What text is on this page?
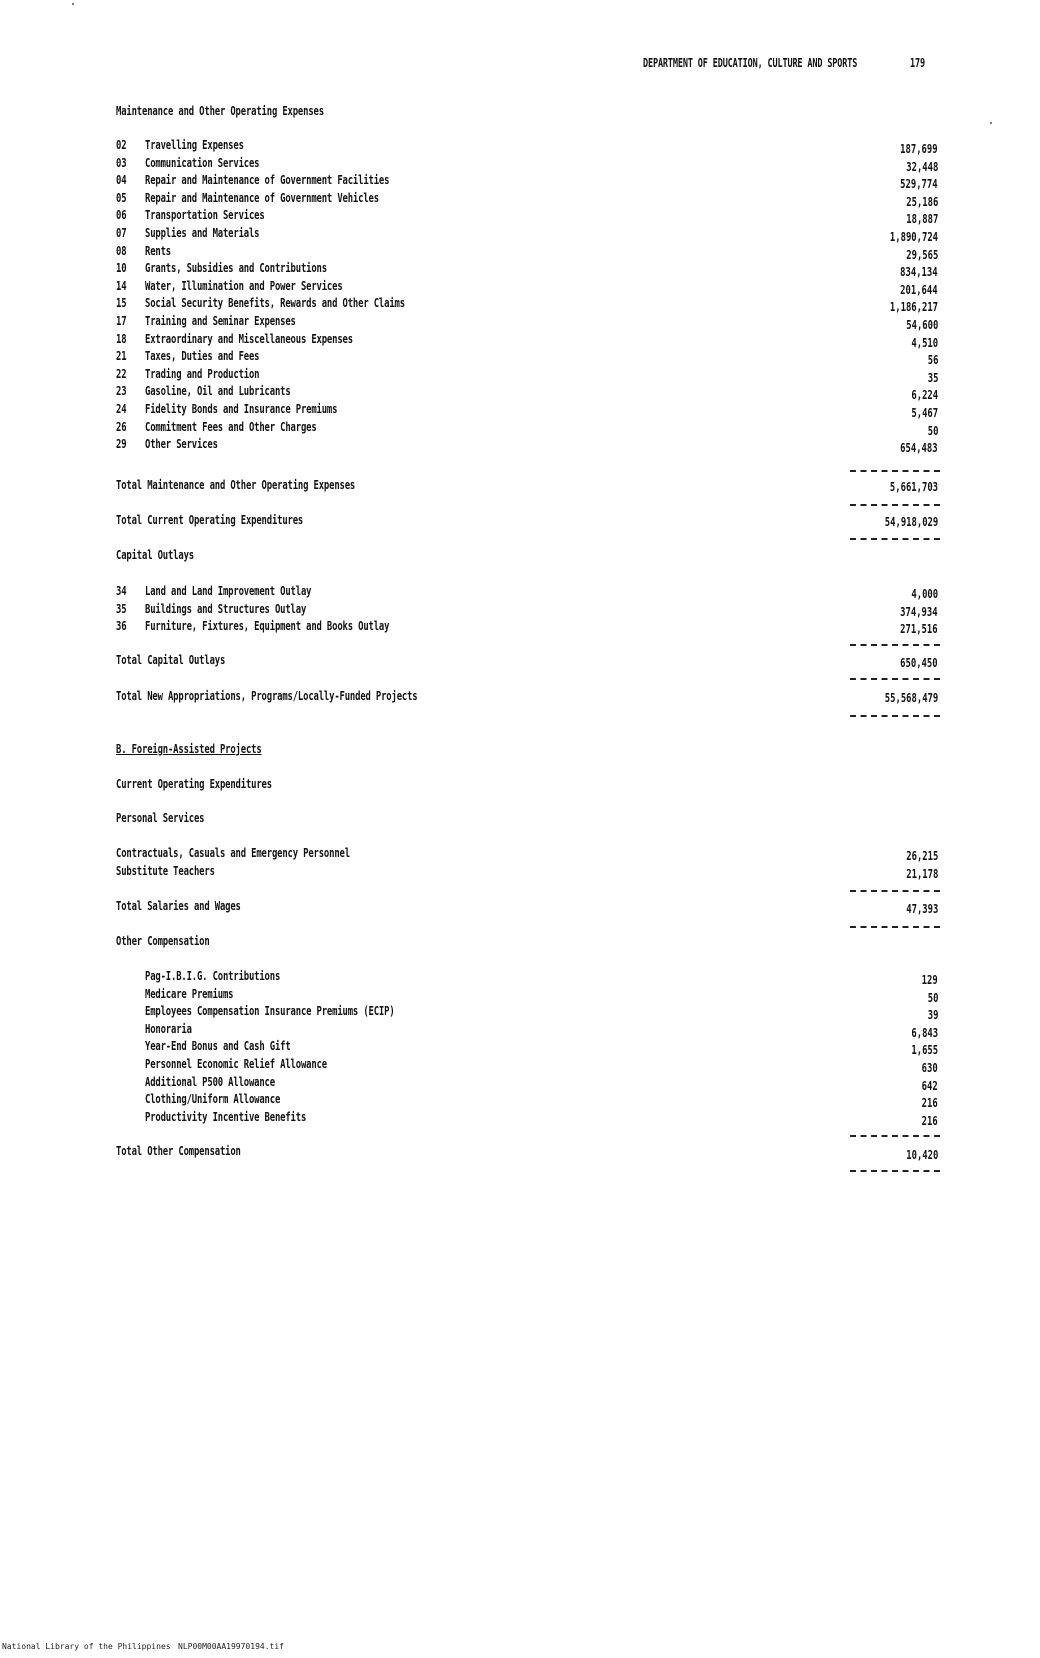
DEPARTMENT OF EDUCATION, CULTURE AND SPORTS	179
Maintenance and Other Operating Expenses
02 Travelling Expenses	187,699
03 Communication Services	32,448
04 Repair and Maintenance of Government Facilities	529,774
05 Repair and Maintenance of Government Vehicles	25,186
06 Transportation Services	18,887
07 Supplies and Materials	1,890,724
08 Rents	29,565
10 Grants, Subsidies and Contributions	834,134
14 Water, Illumination and Power Services	201,644
15 Social Security Benefits, Rewards and Other Claims	1,186,217
17 Training and Seminar Expenses	54,600
18 Extraordinary and Miscellaneous Expenses	4,510
21 Taxes, Duties and Fees	56
22 Trading and Production	35
23 Gasoline, Oil and Lubricants	6,224
24 Fidelity Bonds and Insurance Premiums	5,467
26 Commitment Fees and Other Charges	50
29 Other Services	654,483
Total Maintenance and Other Operating Expenses	5,661,703
Total Current Operating Expenditures	54,918,029
Capital Outlays
34 Land and Land Improvement Outlay	4,000
35 Buildings and Structures Outlay	374,934
36 Furniture, Fixtures, Equipment and Books Outlay	271,516
Total Capital Outlays	650,450
Total New Appropriations, Programs/Locally-Funded Projects	55,568,479
B. Foreign-Assisted Projects
Current Operating Expenditures
Personal Services
Contractuals, Casuals and Emergency Personnel	26,215
Substitute Teachers	21,178
Total Salaries and Wages	47,393
Other Compensation
Pag-I.B.I.G. Contributions	129
Medicare Premiums	50
Employees Compensation Insurance Premiums (ECIP)	39
Honoraria	6,843
Year-End Bonus and Cash Gift	1,655
Personnel Economic Relief Allowance	630
Additional P500 Allowance	642
Clothing/Uniform Allowance	216
Productivity Incentive Benefits	216
Total Other Compensation	10,420
National Library of the Philippines NLP00M00AA19970194.tif
